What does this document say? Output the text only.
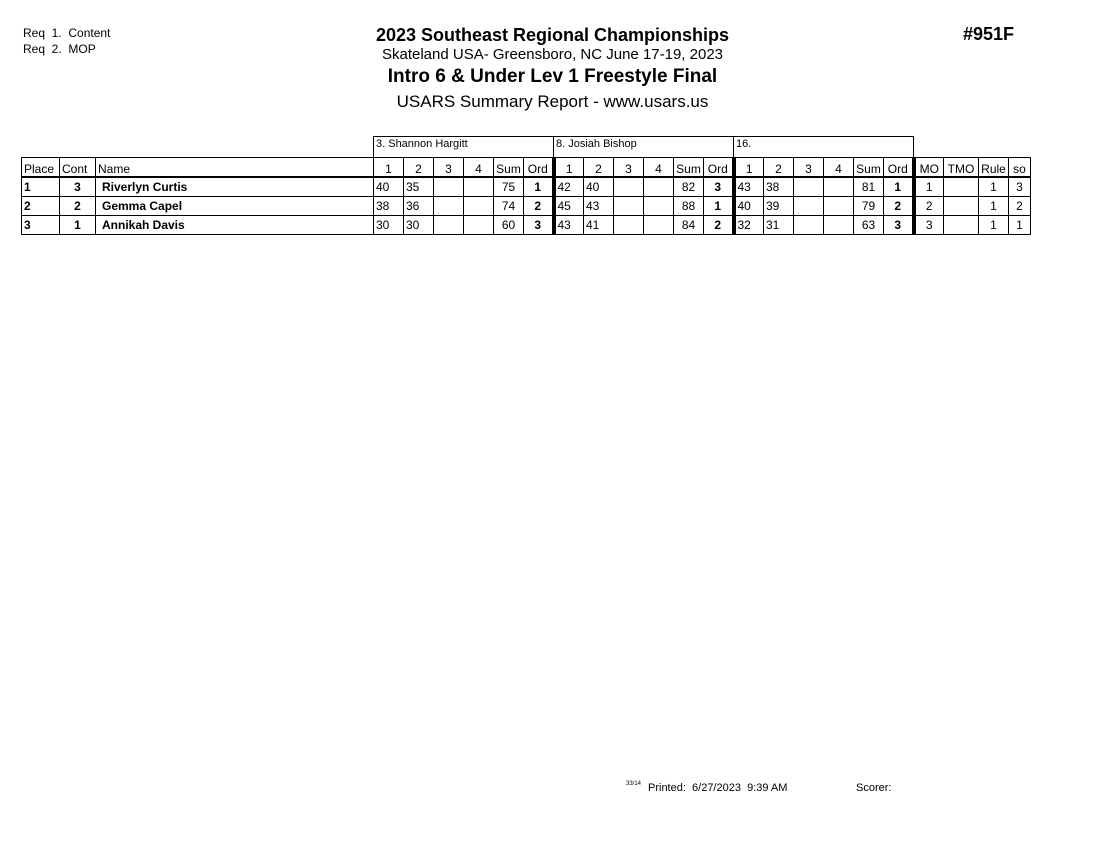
Req  1.  Content
Req  2.  MOP
2023 Southeast Regional Championships
Skateland USA- Greensboro, NC June 17-19, 2023
Intro 6 & Under Lev 1 Freestyle Final
USARS Summary Report - www.usars.us
#951F
			3. Shannon Hargitt						8. Josiah Bishop						16.									
Place	Cont	Name	1	2	3	4	Sum	Ord	1	2	3	4	Sum	Ord	1	2	3	4	Sum	Ord	MO	TMO	Rule	so
1	3	Riverlyn Curtis	40	35			75	1	42	40			82	3	43	38			81	1	1		1	3
2	2	Gemma Capel	38	36			74	2	45	43			88	1	40	39			79	2	2		1	2
3	1	Annikah Davis	30	30			60	3	43	41			84	2	32	31			63	3	3		1	1
33/14 Printed:  6/27/2023  9:39 AM	Scorer:
